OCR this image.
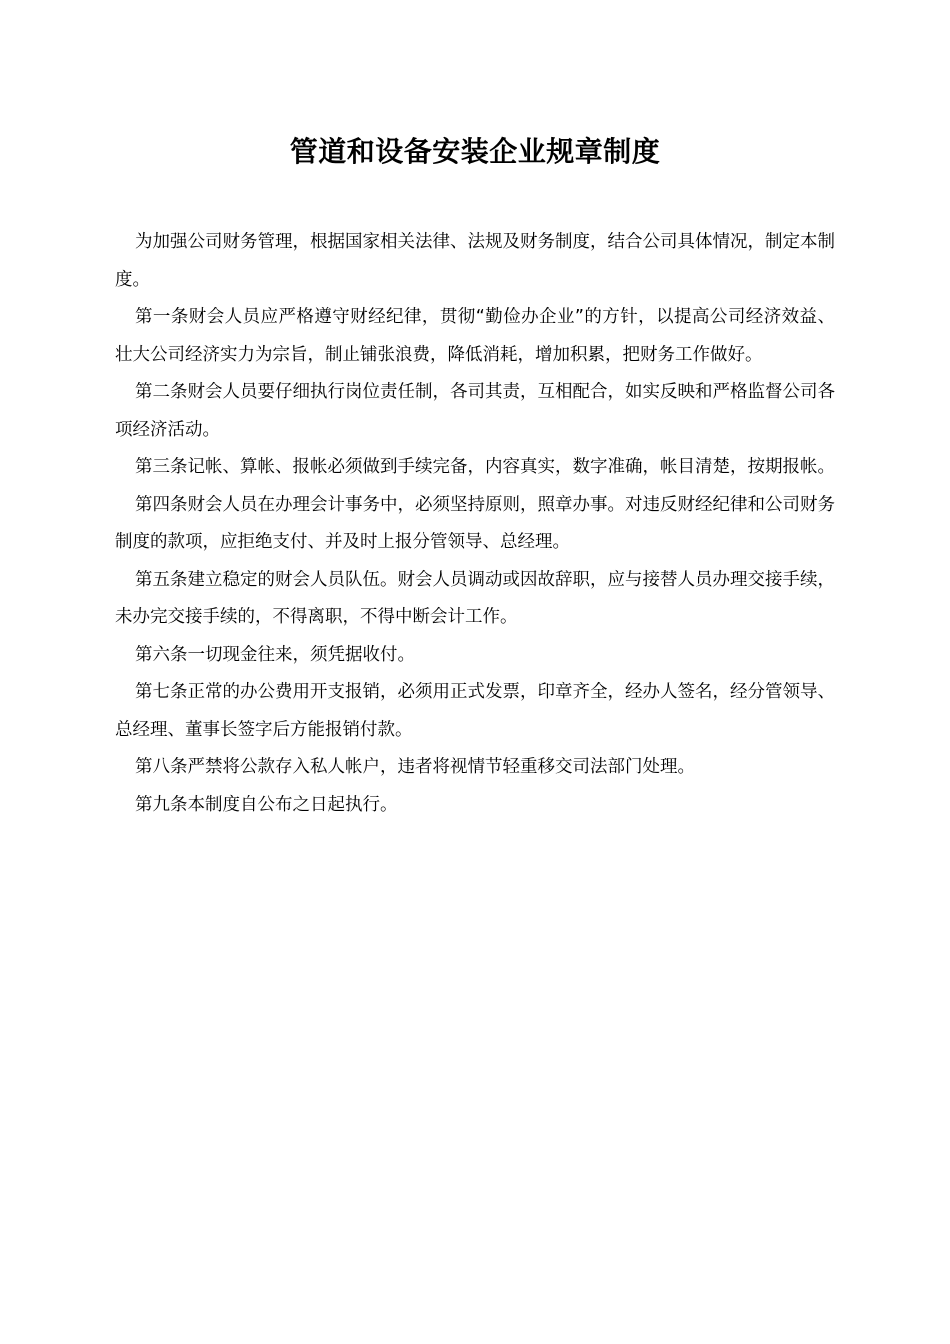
管道和设备安装企业规章制度

为加强公司财务管理，根据国家相关法律、法规及财务制度，结合公司具体情况，制定本制度。

第一条财会人员应严格遵守财经纪律，贯彻“勤俭办企业”的方针，以提高公司经济效益、壮大公司经济实力为宗旨，制止铺张浪费，降低消耗，增加积累，把财务工作做好。

第二条财会人员要仔细执行岗位责任制，各司其责，互相配合，如实反映和严格监督公司各项经济活动。

第三条记帐、算帐、报帐必须做到手续完备，内容真实，数字准确，帐目清楚，按期报帐。

第四条财会人员在办理会计事务中，必须坚持原则，照章办事。对违反财经纪律和公司财务制度的款项，应拒绝支付、并及时上报分管领导、总经理。

第五条建立稳定的财会人员队伍。财会人员调动或因故辞职，应与接替人员办理交接手续，未办完交接手续的，不得离职，不得中断会计工作。

第六条一切现金往来，须凭据收付。

第七条正常的办公费用开支报销，必须用正式发票，印章齐全，经办人签名，经分管领导、总经理、董事长签字后方能报销付款。

第八条严禁将公款存入私人帐户，违者将视情节轻重移交司法部门处理。

第九条本制度自公布之日起执行。
